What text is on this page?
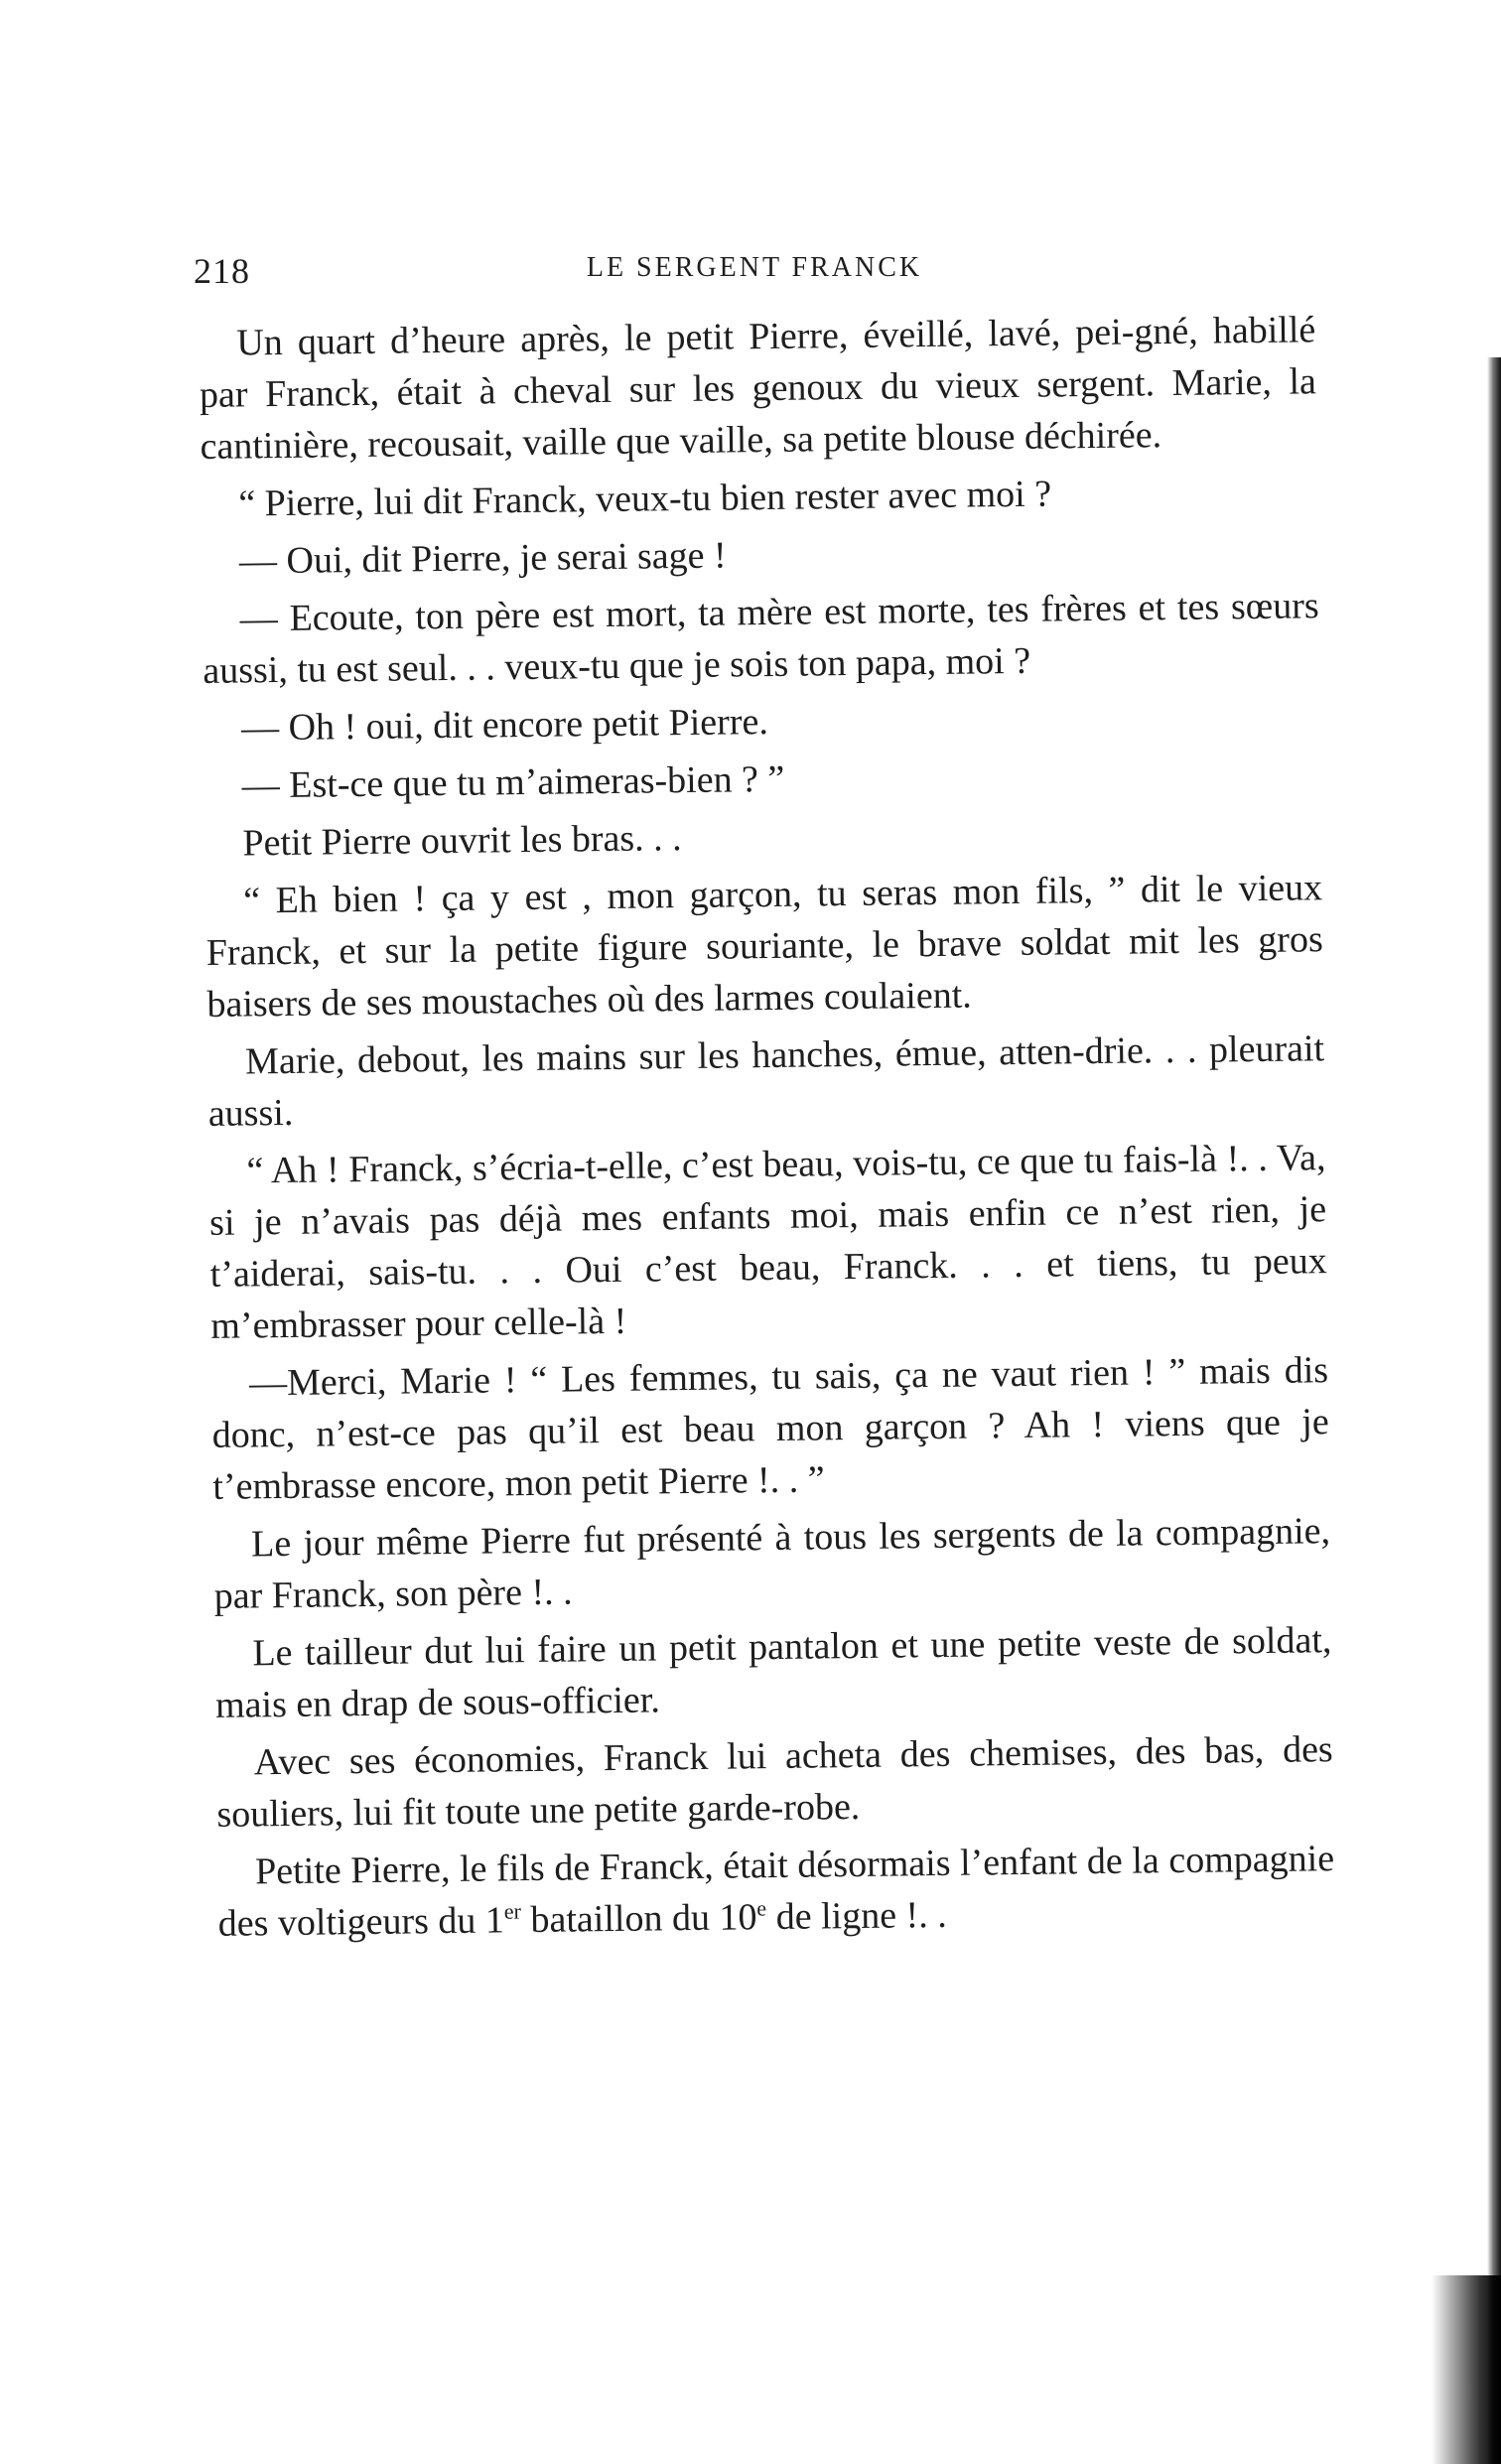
218	LE SERGENT FRANCK

Un quart d’heure après, le petit Pierre, éveillé, lavé, pei-gné, habillé par Franck, était à cheval sur les genoux du vieux sergent. Marie, la cantinière, recousait, vaille que vaille, sa petite blouse déchirée.

“ Pierre, lui dit Franck, veux-tu bien rester avec moi ?

— Oui, dit Pierre, je serai sage !

— Ecoute, ton père est mort, ta mère est morte, tes frères et tes sœurs aussi, tu est seul. . . veux-tu que je sois ton papa, moi ?

— Oh ! oui, dit encore petit Pierre.

— Est-ce que tu m’aimeras-bien ? ”

Petit Pierre ouvrit les bras. . .

“ Eh bien ! ça y est , mon garçon, tu seras mon fils, ” dit le vieux Franck, et sur la petite figure souriante, le brave soldat mit les gros baisers de ses moustaches où des larmes coulaient.

Marie, debout, les mains sur les hanches, émue, atten-drie. . . pleurait aussi.

“ Ah ! Franck, s’écria-t-elle, c’est beau, vois-tu, ce que tu fais-là !. . Va, si je n’avais pas déjà mes enfants moi, mais enfin ce n’est rien, je t’aiderai, sais-tu. . . Oui c’est beau, Franck. . . et tiens, tu peux m’embrasser pour celle-là !

—Merci, Marie ! “ Les femmes, tu sais, ça ne vaut rien ! ” mais dis donc, n’est-ce pas qu’il est beau mon garçon ? Ah ! viens que je t’embrasse encore, mon petit Pierre !. . ”

Le jour même Pierre fut présenté à tous les sergents de la compagnie, par Franck, son père !. .

Le tailleur dut lui faire un petit pantalon et une petite veste de soldat, mais en drap de sous-officier.

Avec ses économies, Franck lui acheta des chemises, des bas, des souliers, lui fit toute une petite garde-robe.

Petite Pierre, le fils de Franck, était désormais l’enfant de la compagnie des voltigeurs du 1er bataillon du 10e de ligne !. .
